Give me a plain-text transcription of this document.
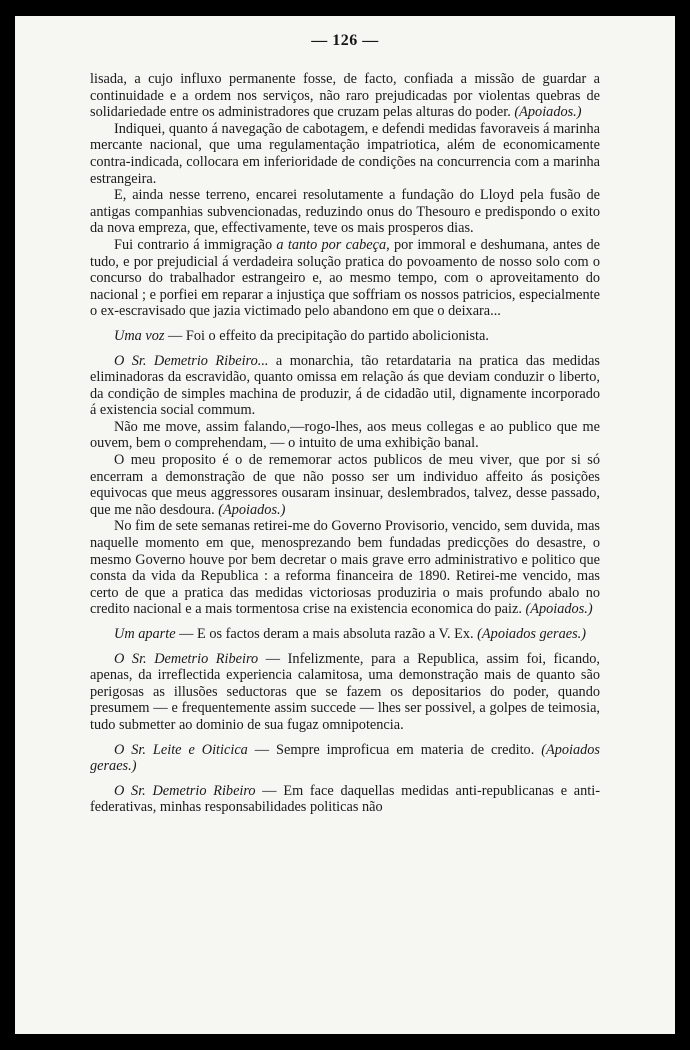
— 126 —

lisada, a cujo influxo permanente fosse, de facto, confiada a missão de guardar a continuidade e a ordem nos serviços, não raro prejudicadas por violentas quebras de solidariedade entre os administradores que cruzam pelas alturas do poder. (Apoiados.)

Indiquei, quanto á navegação de cabotagem, e defendi medidas favoraveis á marinha mercante nacional, que uma regulamentação impatriotica, além de economicamente contra-indicada, collocara em inferioridade de condições na concurrencia com a marinha estrangeira.

E, ainda nesse terreno, encarei resolutamente a fundação do Lloyd pela fusão de antigas companhias subvencionadas, reduzindo onus do Thesouro e predispondo o exito da nova empreza, que, effectivamente, teve os mais prosperos dias.

Fui contrario á immigração a tanto por cabeça, por immoral e deshumana, antes de tudo, e por prejudicial á verdadeira solução pratica do povoamento de nosso solo com o concurso do trabalhador estrangeiro e, ao mesmo tempo, com o aproveitamento do nacional ; e porfiei em reparar a injustiça que soffriam os nossos patricios, especialmente o ex-escravisado que jazia victimado pelo abandono em que o deixara...

Uma voz — Foi o effeito da precipitação do partido abolicionista.

O Sr. Demetrio Ribeiro... a monarchia, tão retardataria na pratica das medidas eliminadoras da escravidão, quanto omissa em relação ás que deviam conduzir o liberto, da condição de simples machina de produzir, á de cidadão util, dignamente incorporado á existencia social commum.

Não me move, assim falando,—rogo-lhes, aos meus collegas e ao publico que me ouvem, bem o comprehendam, — o intuito de uma exhibição banal.

O meu proposito é o de rememorar actos publicos de meu viver, que por si só encerram a demonstração de que não posso ser um individuo affeito ás posições equivocas que meus aggressores ousaram insinuar, deslembrados, talvez, desse passado, que me não desdoura. (Apoiados.)

No fim de sete semanas retirei-me do Governo Provisorio, vencido, sem duvida, mas naquelle momento em que, menosprezando bem fundadas predicções do desastre, o mesmo Governo houve por bem decretar o mais grave erro administrativo e politico que consta da vida da Republica : a reforma financeira de 1890. Retirei-me vencido, mas certo de que a pratica das medidas victoriosas produziria o mais profundo abalo no credito nacional e a mais tormentosa crise na existencia economica do paiz. (Apoiados.)

Um aparte — E os factos deram a mais absoluta razão a V. Ex. (Apoiados geraes.)

O Sr. Demetrio Ribeiro — Infelizmente, para a Republica, assim foi, ficando, apenas, da irreflectida experiencia calamitosa, uma demonstração mais de quanto são perigosas as illusões seductoras que se fazem os depositarios do poder, quando presumem — e frequentemente assim succede — lhes ser possivel, a golpes de teimosia, tudo submetter ao dominio de sua fugaz omnipotencia.

O Sr. Leite e Oiticica — Sempre improficua em materia de credito. (Apoiados geraes.)

O Sr. Demetrio Ribeiro — Em face daquellas medidas anti-republicanas e anti-federativas, minhas responsabilidades politicas não
